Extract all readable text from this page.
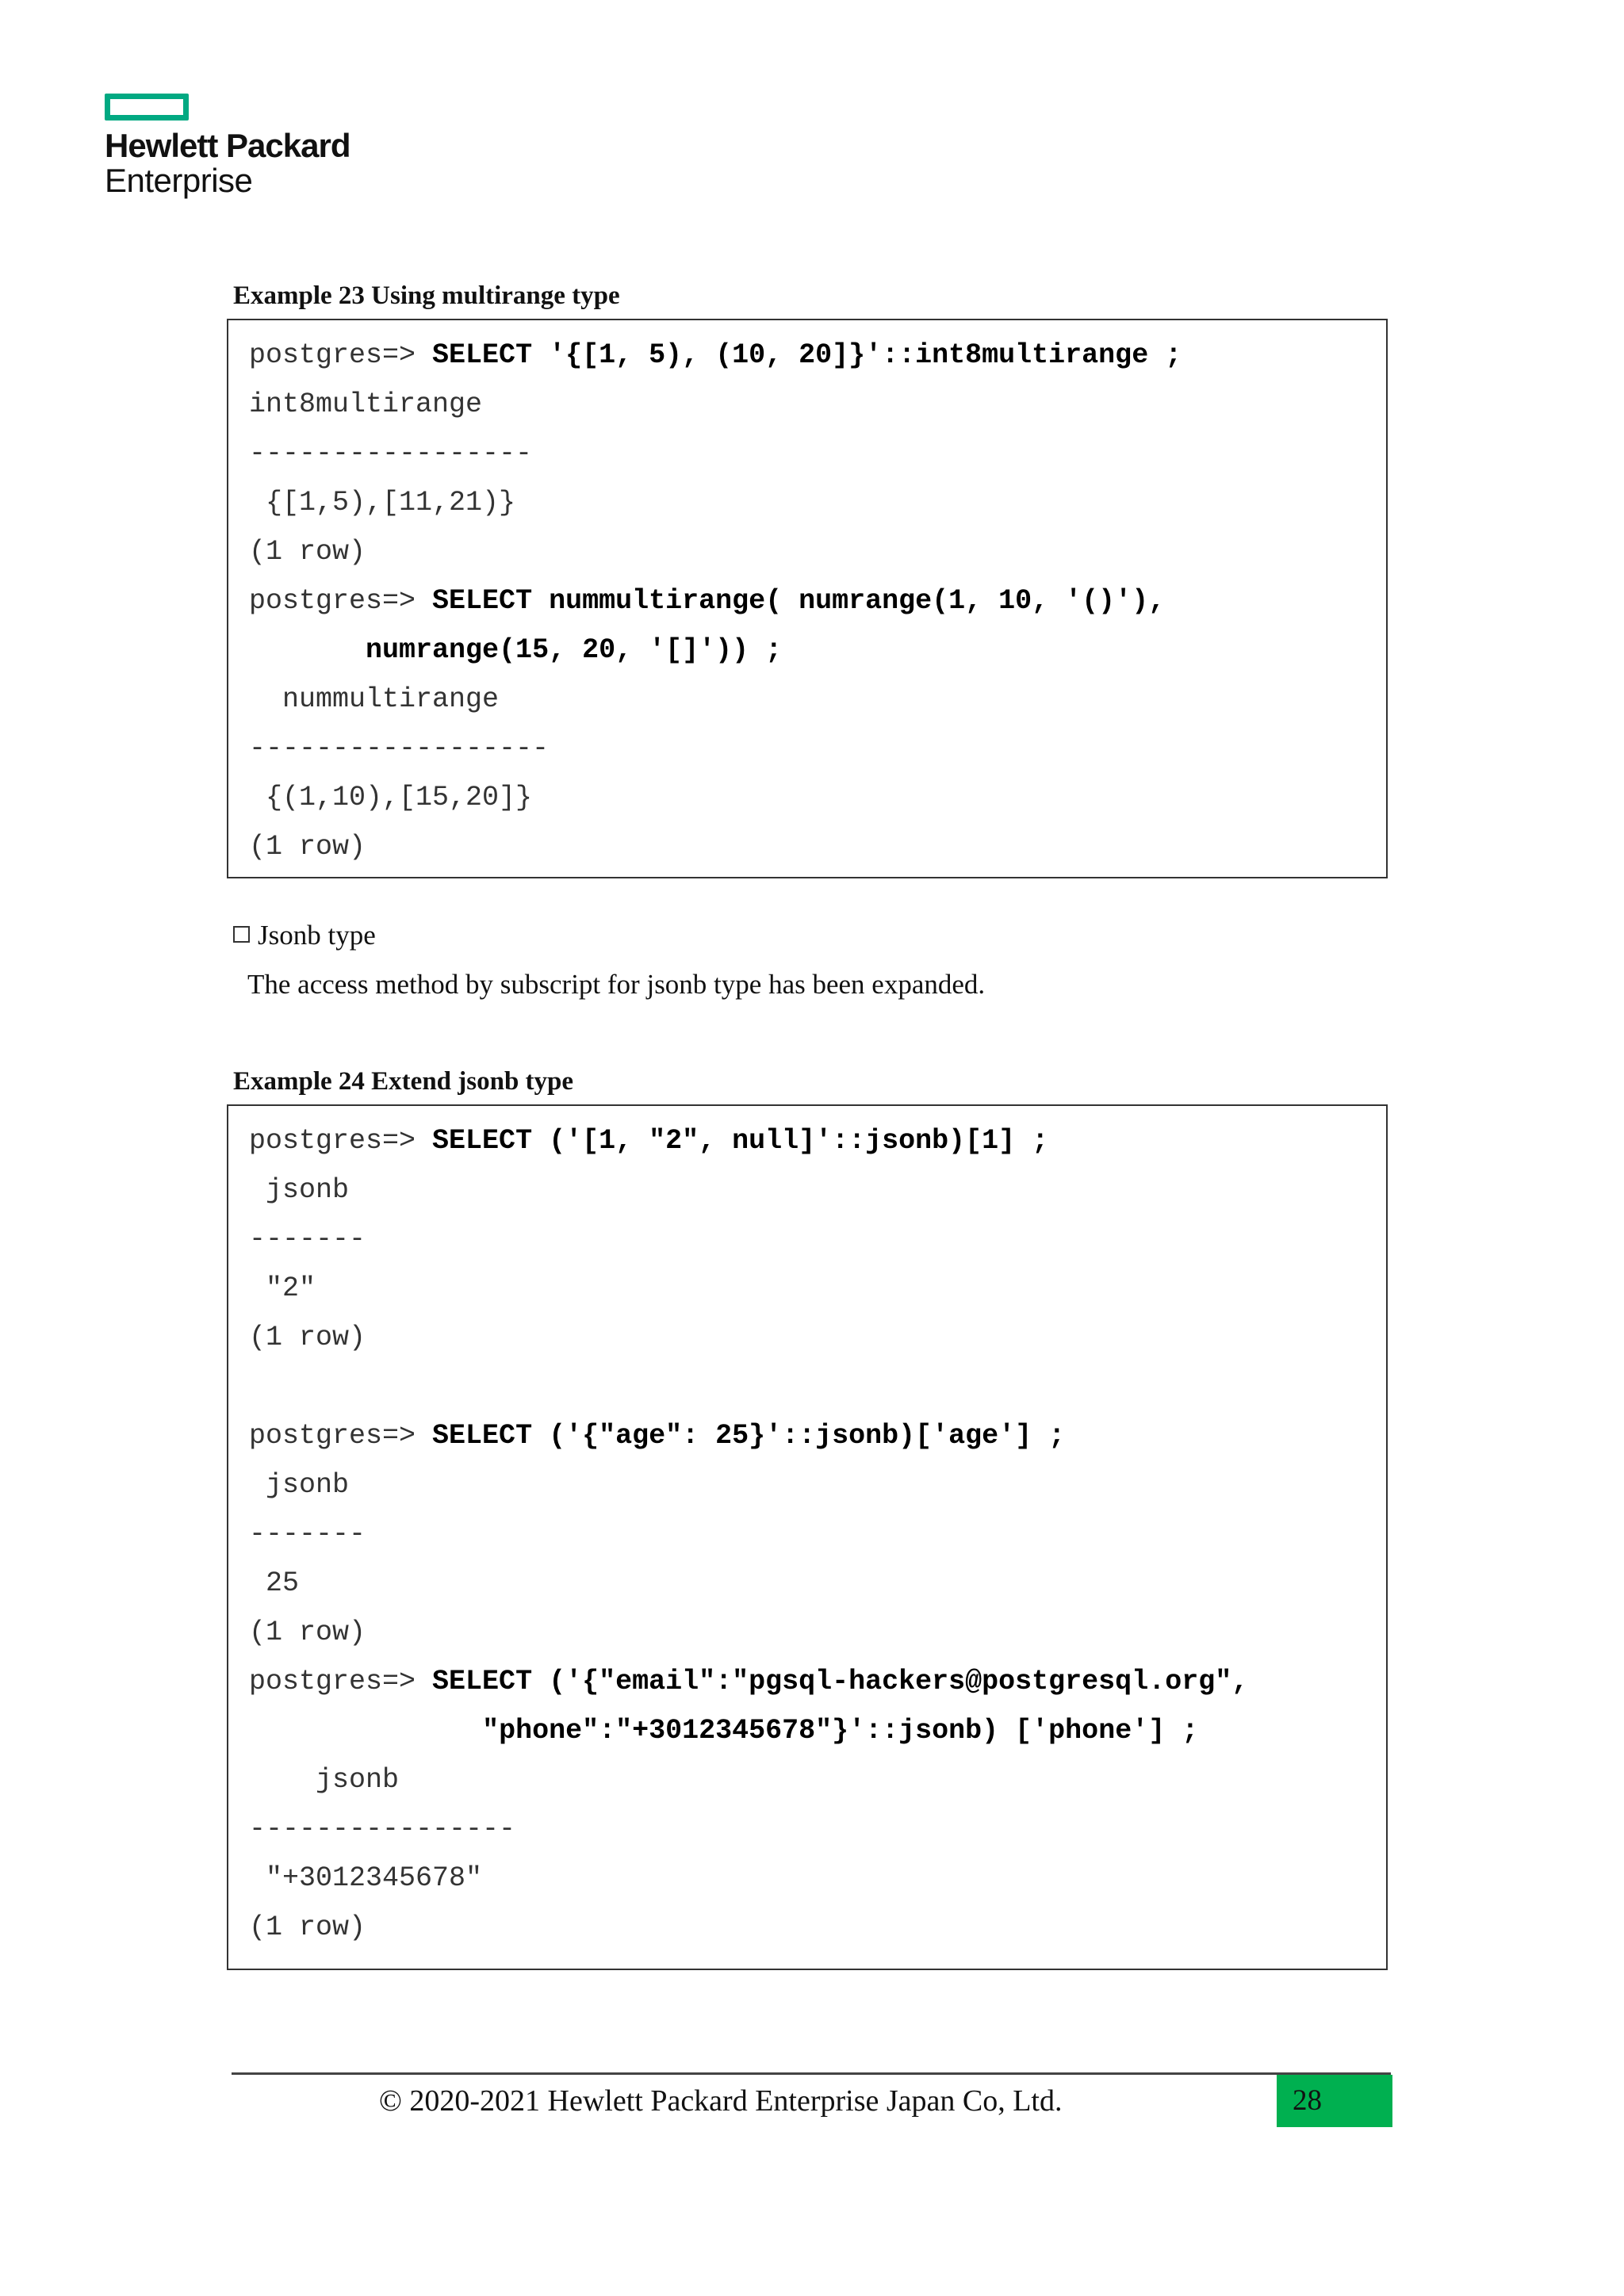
Hewlett Packard
Enterprise
Example 23 Using multirange type
postgres=> SELECT '{[1, 5), (10, 20]}'::int8multirange ;
int8multirange
-----------------
{[1,5),[11,21)}
(1 row)
postgres=> SELECT nummultirange( numrange(1, 10, '()'),
numrange(15, 20, '[]')) ;
nummultirange
------------------
{(1,10),[15,20]}
(1 row)
Jsonb type
The access method by subscript for jsonb type has been expanded.
Example 24 Extend jsonb type
postgres=> SELECT ('[1, "2", null]'::jsonb)[1] ;
jsonb
-------
"2"
(1 row)
postgres=> SELECT ('{"age": 25}'::jsonb)['age'] ;
jsonb
-------
25
(1 row)
postgres=> SELECT ('{"email":"pgsql-hackers@postgresql.org",
"phone":"+3012345678"}'::jsonb) ['phone'] ;
jsonb
----------------
"+3012345678"
(1 row)
© 2020-2021 Hewlett Packard Enterprise Japan Co, Ltd.	28
